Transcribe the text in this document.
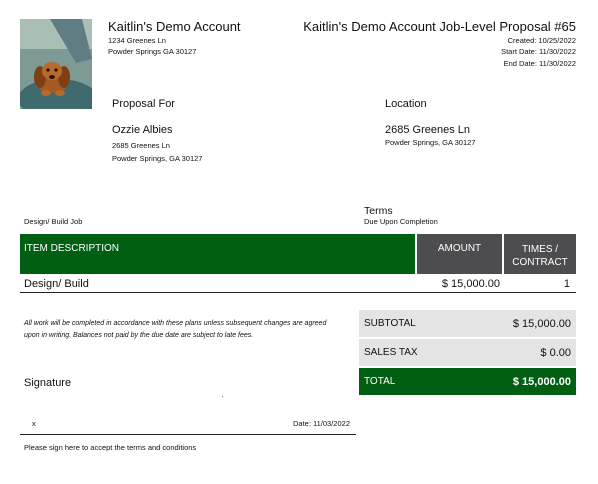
Kaitlin's Demo Account
1234 Greenes Ln
Powder Springs GA 30127
Kaitlin's Demo Account Job-Level Proposal #65
Created: 10/25/2022
Start Date: 11/30/2022
End Date: 11/30/2022
Proposal For	Location
Ozzie Albies
2685 Greenes Ln
Powder Springs, GA 30127
2685 Greenes Ln
Powder Springs, GA 30127
Design/ Build Job
Terms
Due Upon Completion
ITEM DESCRIPTION	AMOUNT	TIMES /
CONTRACT
Design/ Build	$ 15,000.00	1
All work will be completed in accordance with these plans unless subsequent changes are agreed upon in writing. Balances not paid by the due date are subject to late fees.
SUBTOTAL	$ 15,000.00
SALES TAX	$ 0.00
TOTAL	$ 15,000.00
Signature
x	Date: 11/03/2022
Please sign here to accept the terms and conditions
